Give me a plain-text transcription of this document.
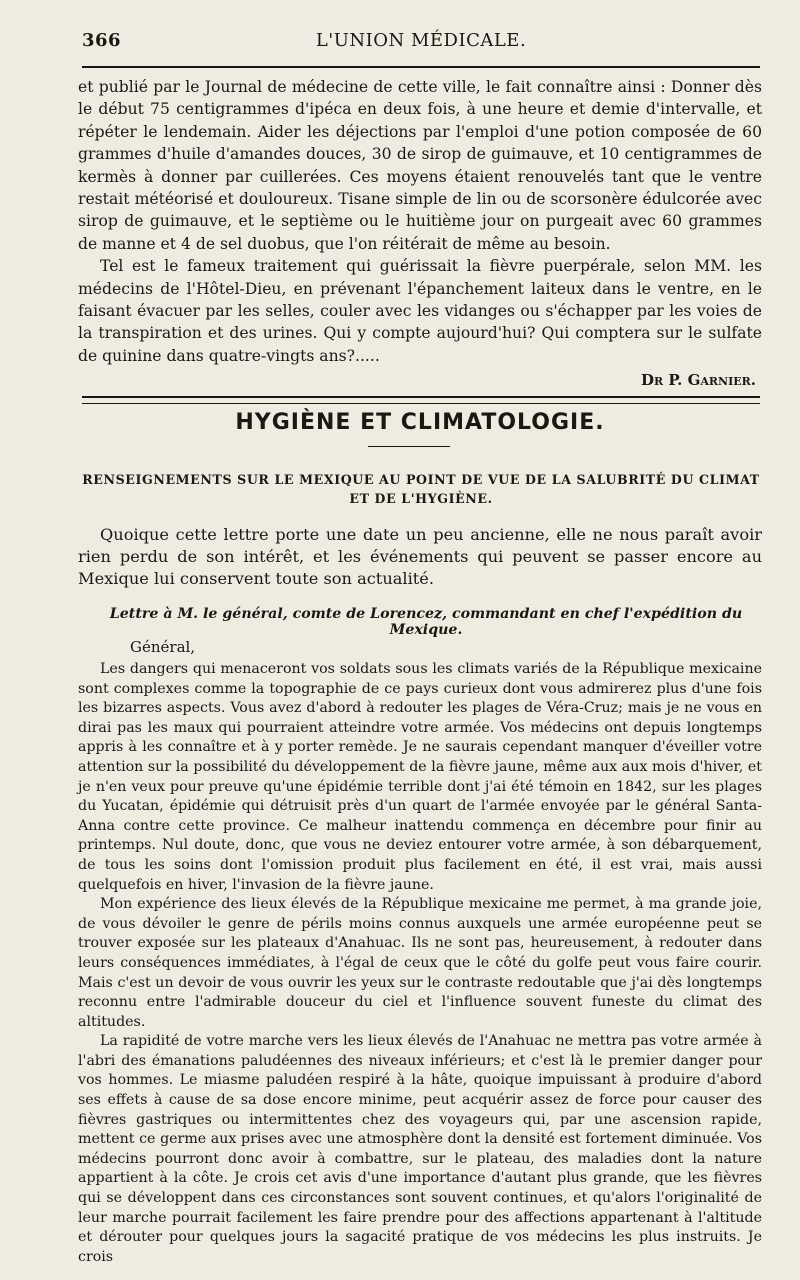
366	L'UNION MÉDICALE.

et publié par le Journal de médecine de cette ville, le fait connaître ainsi : Donner dès le début 75 centigrammes d'ipéca en deux fois, à une heure et demie d'intervalle, et répéter le lendemain. Aider les déjections par l'emploi d'une potion composée de 60 grammes d'huile d'amandes douces, 30 de sirop de guimauve, et 10 centigrammes de kermès à donner par cuillerées. Ces moyens étaient renouvelés tant que le ventre restait météorisé et douloureux. Tisane simple de lin ou de scorsonère édulcorée avec sirop de guimauve, et le septième ou le huitième jour on purgeait avec 60 grammes de manne et 4 de sel duobus, que l'on réitérait de même au besoin.

Tel est le fameux traitement qui guérissait la fièvre puerpérale, selon MM. les médecins de l'Hôtel-Dieu, en prévenant l'épanchement laiteux dans le ventre, en le faisant évacuer par les selles, couler avec les vidanges ou s'échapper par les voies de la transpiration et des urines. Qui y compte aujourd'hui? Qui comptera sur le sulfate de quinine dans quatre-vingts ans?.....

Dr P. Garnier.
HYGIÈNE ET CLIMATOLOGIE.
RENSEIGNEMENTS SUR LE MEXIQUE AU POINT DE VUE DE LA SALUBRITÉ DU CLIMAT
ET DE L'HYGIÈNE.
Quoique cette lettre porte une date un peu ancienne, elle ne nous paraît avoir rien perdu de son intérêt, et les événements qui peuvent se passer encore au Mexique lui conservent toute son actualité.
Lettre à M. le général, comte de Lorencez, commandant en chef l'expédition du Mexique.
Général,

Les dangers qui menaceront vos soldats sous les climats variés de la République mexicaine sont complexes comme la topographie de ce pays curieux dont vous admirerez plus d'une fois les bizarres aspects. Vous avez d'abord à redouter les plages de Véra-Cruz; mais je ne vous en dirai pas les maux qui pourraient atteindre votre armée. Vos médecins ont depuis longtemps appris à les connaître et à y porter remède. Je ne saurais cependant manquer d'éveiller votre attention sur la possibilité du développement de la fièvre jaune, même aux aux mois d'hiver, et je n'en veux pour preuve qu'une épidémie terrible dont j'ai été témoin en 1842, sur les plages du Yucatan, épidémie qui détruisit près d'un quart de l'armée envoyée par le général Santa-Anna contre cette province. Ce malheur inattendu commença en décembre pour finir au printemps. Nul doute, donc, que vous ne deviez entourer votre armée, à son débarquement, de tous les soins dont l'omission produit plus facilement en été, il est vrai, mais aussi quelquefois en hiver, l'invasion de la fièvre jaune.

Mon expérience des lieux élevés de la République mexicaine me permet, à ma grande joie, de vous dévoiler le genre de périls moins connus auxquels une armée européenne peut se trouver exposée sur les plateaux d'Anahuac. Ils ne sont pas, heureusement, à redouter dans leurs conséquences immédiates, à l'égal de ceux que le côté du golfe peut vous faire courir. Mais c'est un devoir de vous ouvrir les yeux sur le contraste redoutable que j'ai dès longtemps reconnu entre l'admirable douceur du ciel et l'influence souvent funeste du climat des altitudes.

La rapidité de votre marche vers les lieux élevés de l'Anahuac ne mettra pas votre armée à l'abri des émanations paludéennes des niveaux inférieurs; et c'est là le premier danger pour vos hommes. Le miasme paludéen respiré à la hâte, quoique impuissant à produire d'abord ses effets à cause de sa dose encore minime, peut acquérir assez de force pour causer des fièvres gastriques ou intermittentes chez des voyageurs qui, par une ascension rapide, mettent ce germe aux prises avec une atmosphère dont la densité est fortement diminuée. Vos médecins pourront donc avoir à combattre, sur le plateau, des maladies dont la nature appartient à la côte. Je crois cet avis d'une importance d'autant plus grande, que les fièvres qui se développent dans ces circonstances sont souvent continues, et qu'alors l'originalité de leur marche pourrait facilement les faire prendre pour des affections appartenant à l'altitude et dérouter pour quelques jours la sagacité pratique de vos médecins les plus instruits. Je crois
